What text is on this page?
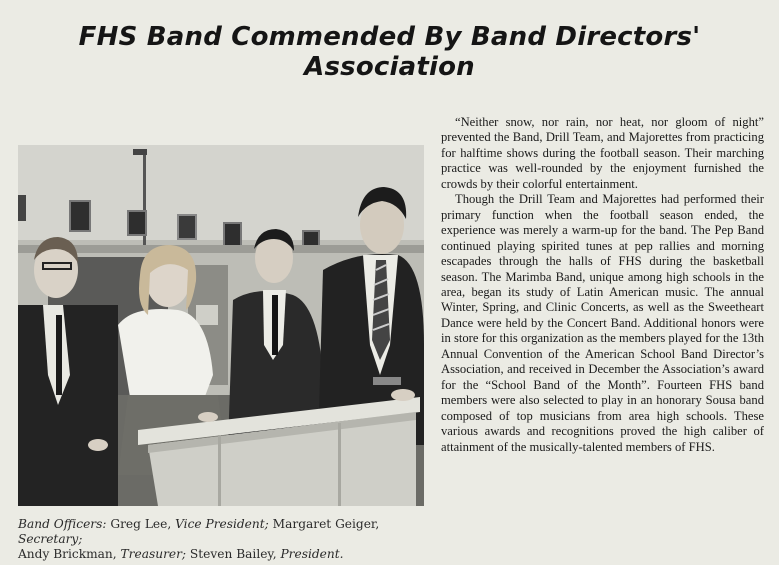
FHS Band Commended By Band Directors' Association
Band Officers: Greg Lee, Vice President; Margaret Geiger, Secretary;
Andy Brickman, Treasurer; Steven Bailey, President.

“Neither snow, nor rain, nor heat, nor gloom of night” prevented the Band, Drill Team, and Majorettes from practicing for halftime shows during the football season. Their marching practice was well-rounded by the enjoyment furnished the crowds by their colorful entertainment.

Though the Drill Team and Majorettes had performed their primary function when the football season ended, the experience was merely a warm-up for the band. The Pep Band continued playing spirited tunes at pep rallies and morning escapades through the halls of FHS during the basketball season. The Marimba Band, unique among high schools in the area, began its study of Latin American music. The annual Winter, Spring, and Clinic Concerts, as well as the Sweetheart Dance were held by the Concert Band. Additional honors were in store for this organization as the members played for the 13th Annual Convention of the American School Band Director’s Association, and received in December the Association’s award for the “School Band of the Month”. Fourteen FHS band members were also selected to play in an honorary Sousa band composed of top musicians from area high schools. These various awards and recognitions proved the high caliber of attainment of the musically-talented members of FHS.
